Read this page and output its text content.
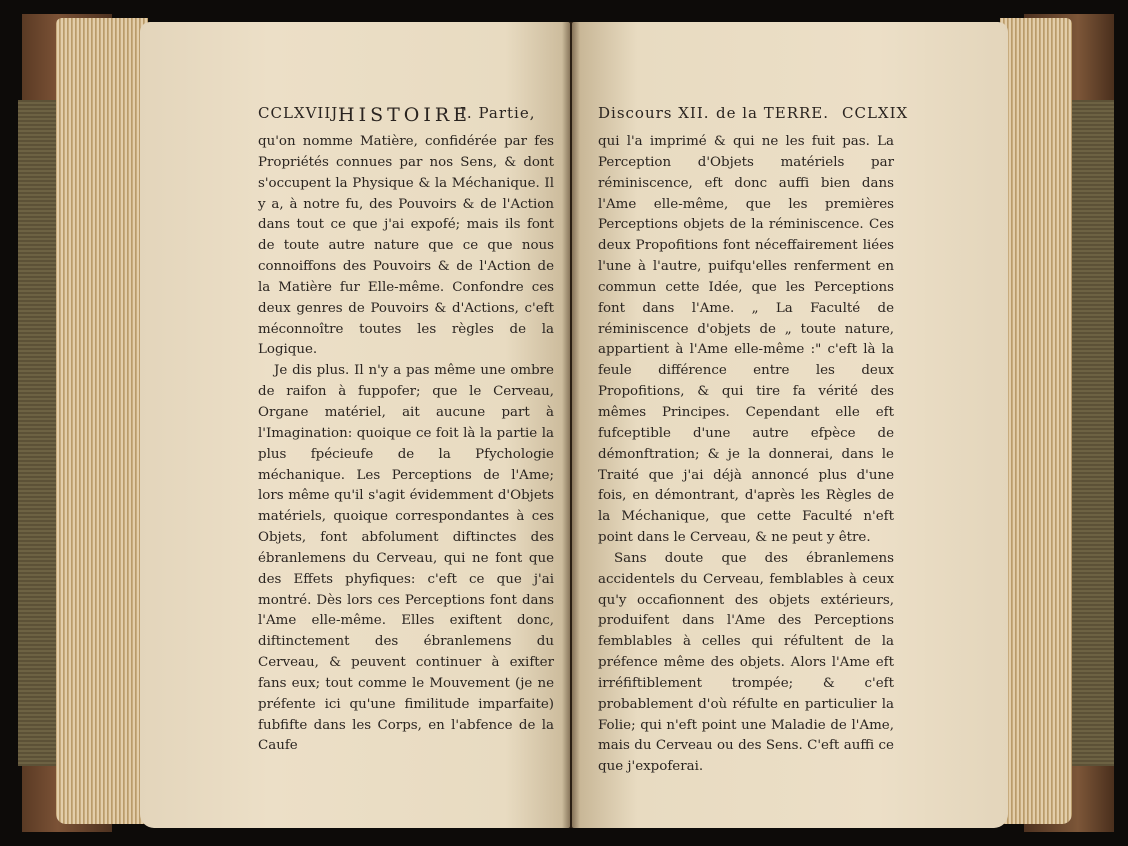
CCLXVIIJ HISTOIRE
I. Partie,

qu'on nomme Matière, confidérée par fes Propriétés connues par nos Sens, & dont s'occupent la Physique & la Méchanique. Il y a, à notre fu, des Pouvoirs & de l'Action dans tout ce que j'ai expofé; mais ils font de toute autre nature que ce que nous connoiffons des Pouvoirs & de l'Action de la Matière fur Elle-même. Confondre ces deux genres de Pouvoirs & d'Actions, c'eft méconnoître toutes les règles de la Logique.

Je dis plus. Il n'y a pas même une ombre de raifon à fuppofer; que le Cerveau, Organe matériel, ait aucune part à l'Imagination: quoique ce foit là la partie la plus fpécieufe de la Pfychologie méchanique. Les Perceptions de l'Ame; lors même qu'il s'agit évidemment d'Objets matériels, quoique correspondantes à ces Objets, font abfolument diftinctes des ébranlemens du Cerveau, qui ne font que des Effets phyfiques: c'eft ce que j'ai montré. Dès lors ces Perceptions font dans l'Ame elle-même. Elles exiftent donc, diftinctement des ébranlemens du Cerveau, & peuvent continuer à exifter fans eux; tout comme le Mouvement (je ne préfente ici qu'une fimilitude imparfaite) fubfifte dans les Corps, en l'abfence de la Caufe

Discours XII. de la TERRE. CCLXIX

qui l'a imprimé & qui ne les fuit pas. La Perception d'Objets matériels par réminiscence, eft donc auffi bien dans l'Ame elle-même, que les premières Perceptions objets de la réminiscence. Ces deux Propofitions font néceffairement liées l'une à l'autre, puifqu'elles renferment en commun cette Idée, que les Perceptions font dans l'Ame. „ La Faculté de réminiscence d'objets de „ toute nature, appartient à l'Ame elle-même :" c'eft là la feule différence entre les deux Propofitions, & qui tire fa vérité des mêmes Principes. Cependant elle eft fufceptible d'une autre efpèce de démonftration; & je la donnerai, dans le Traité que j'ai déjà annoncé plus d'une fois, en démontrant, d'après les Règles de la Méchanique, que cette Faculté n'eft point dans le Cerveau, & ne peut y être.

Sans doute que des ébranlemens accidentels du Cerveau, femblables à ceux qu'y occafionnent des objets extérieurs, produifent dans l'Ame des Perceptions femblables à celles qui réfultent de la préfence même des objets. Alors l'Ame eft irréfiftiblement trompée; & c'eft probablement d'où réfulte en particulier la Folie; qui n'eft point une Maladie de l'Ame, mais du Cerveau ou des Sens. C'eft auffi ce que j'expoferai.
